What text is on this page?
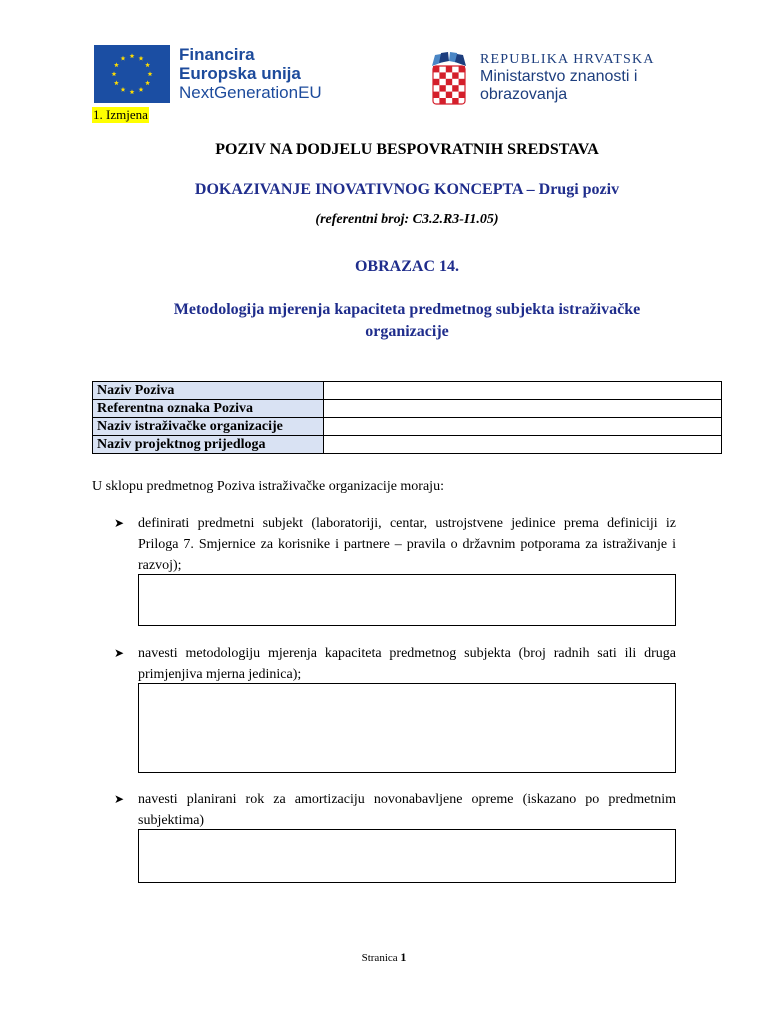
Financira
Europska unija
NextGenerationEU
1. Izmjena
REPUBLIKA HRVATSKA
Ministarstvo znanosti i
obrazovanja
POZIV NA DODJELU BESPOVRATNIH SREDSTAVA
DOKAZIVANJE INOVATIVNOG KONCEPTA – Drugi poziv
(referentni broj: C3.2.R3-I1.05)
OBRAZAC 14.
Metodologija mjerenja kapaciteta predmetnog subjekta istraživačke
organizacije
Naziv Poziva	
Referentna oznaka Poziva	
Naziv istraživačke organizacije	
Naziv projektnog prijedloga	
U sklopu predmetnog Poziva istraživačke organizacije moraju:
➤ definirati predmetni subjekt (laboratoriji, centar, ustrojstvene jedinice prema definiciji iz Priloga 7. Smjernice za korisnike i partnere – pravila o državnim potporama za istraživanje i razvoj);
➤ navesti metodologiju mjerenja kapaciteta predmetnog subjekta (broj radnih sati ili druga primjenjiva mjerna jedinica);
➤ navesti planirani rok za amortizaciju novonabavljene opreme (iskazano po predmetnim subjektima)
Stranica 1
